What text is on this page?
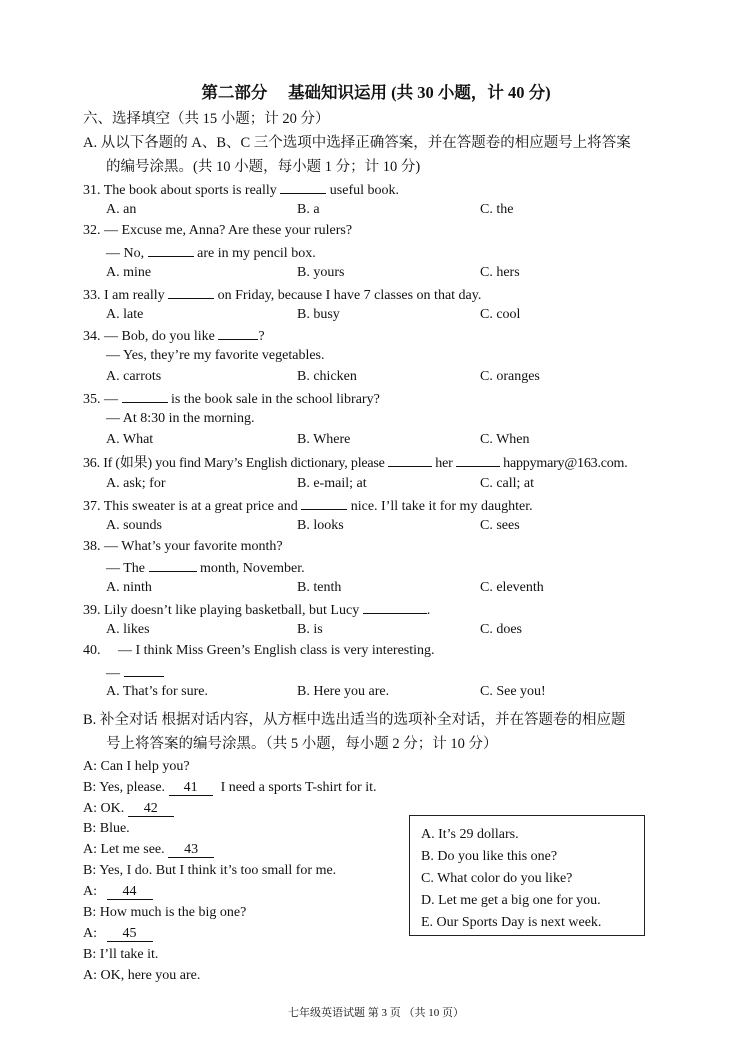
第二部分　 基础知识运用 (共 30 小题，计 40 分)
六、选择填空（共 15 小题；计 20 分）
A. 从以下各题的 A、B、C 三个选项中选择正确答案，并在答题卷的相应题号上将答案
的编号涂黑。(共 10 小题，每小题 1 分；计 10 分)
31. The book about sports is really	useful book.
A. an	B. a	C. the
32. — Excuse me, Anna? Are these your rulers?
— No,	are in my pencil box.
A. mine	B. yours	C. hers
33. I am really	on Friday, because I have 7 classes on that day.
A. late	B. busy	C. cool
34. — Bob, do you like	?
— Yes, they’re my favorite vegetables.
A. carrots	B. chicken	C. oranges
35. —	is the book sale in the school library?
— At 8:30 in the morning.
A. What	B. Where	C. When
36. If (如果) you find Mary’s English dictionary, please	her	happymary@163.com.
A. ask; for	B. e-mail; at	C. call; at
37. This sweater is at a great price and	nice. I’ll take it for my daughter.
A. sounds	B. looks	C. sees
38. — What’s your favorite month?
— The	month, November.
A. ninth	B. tenth	C. eleventh
39. Lily doesn’t like playing basketball, but Lucy	.
A. likes	B. is	C. does
40.　 — I think Miss Green’s English class is very interesting.
—
A. That’s for sure.	B. Here you are.	C. See you!
B. 补全对话 根据对话内容，从方框中选出适当的选项补全对话，并在答题卷的相应题
号上将答案的编号涂黑。（共 5 小题，每小题 2 分；计 10 分）
A: Can I help you?
B: Yes, please. 41 I need a sports T-shirt for it.
A: OK. 42
B: Blue.
A: Let me see. 43
B: Yes, I do. But I think it’s too small for me.
A: 44
B: How much is the big one?
A: 45
B: I’ll take it.
A: OK, here you are.
A. It’s 29 dollars.
B. Do you like this one?
C. What color do you like?
D. Let me get a big one for you.
E. Our Sports Day is next week.
七年级英语试题 第 3 页 （共 10 页）
